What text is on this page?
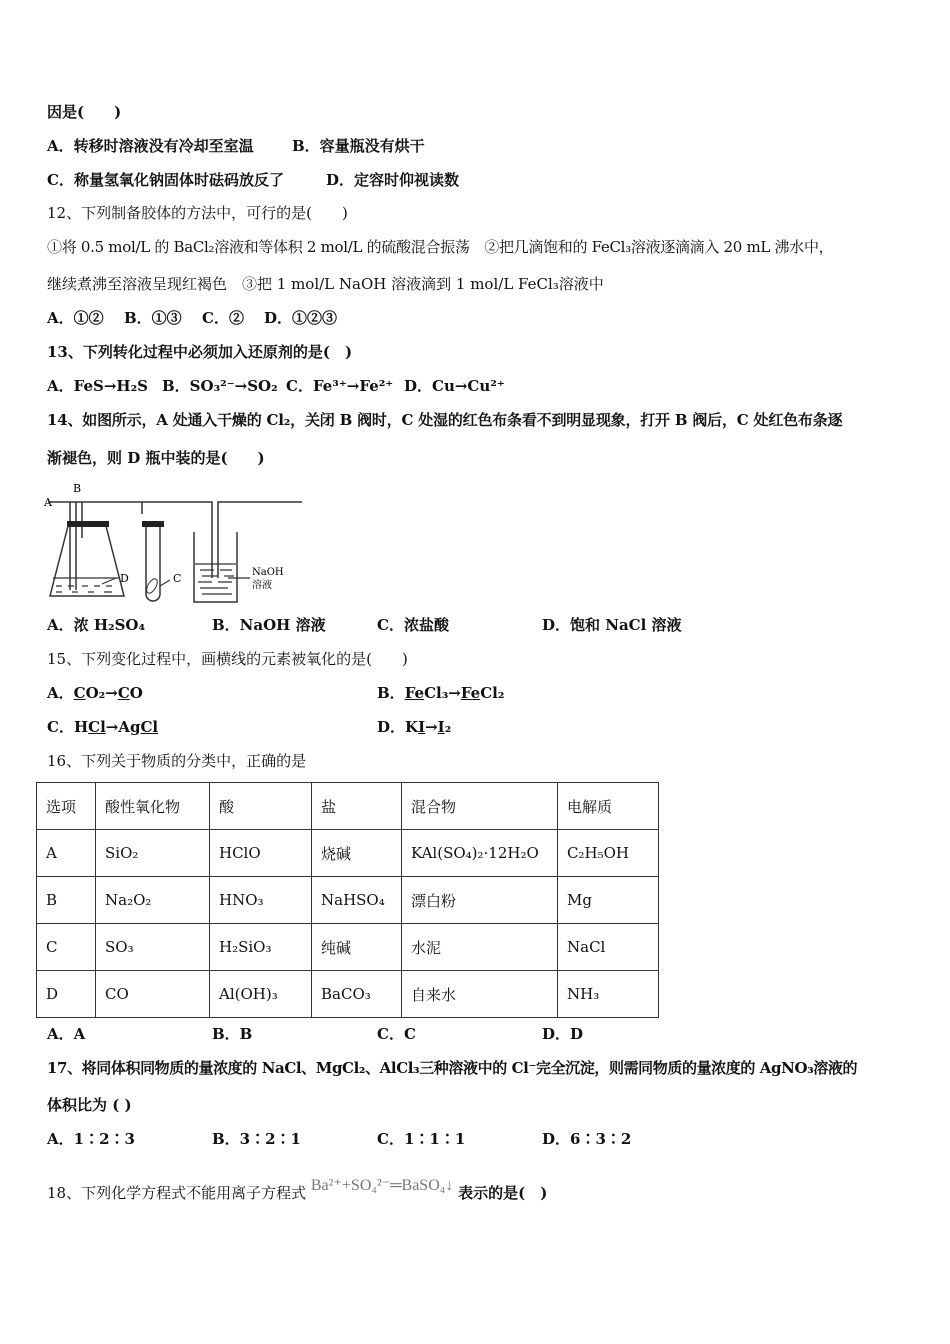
因是(　　)
A．转移时溶液没有冷却至室温	B．容量瓶没有烘干
C．称量氢氧化钠固体时砝码放反了	D．定容时仰视读数
12、下列制备胶体的方法中，可行的是(　　)
①将 0.5 mol/L 的 BaCl₂溶液和等体积 2 mol/L 的硫酸混合振荡　②把几滴饱和的 FeCl₃溶液逐滴滴入 20 mL 沸水中，
继续煮沸至溶液呈现红褐色　③把 1 mol/L NaOH 溶液滴到 1 mol/L FeCl₃溶液中
A．①② B．①③ C．② D．①②③
13、下列转化过程中必须加入还原剂的是(　)
A．FeS→H₂S B．SO₃²⁻→SO₂ C．Fe³⁺→Fe²⁺ D．Cu→Cu²⁺
14、如图所示，A 处通入干燥的 Cl₂，关闭 B 阀时，C 处湿的红色布条看不到明显现象，打开 B 阀后，C 处红色布条逐
渐褪色，则 D 瓶中装的是(　　)
A
B
D	C	NaOH
溶液
A．浓 H₂SO₄	B．NaOH 溶液	C．浓盐酸	D．饱和 NaCl 溶液
15、下列变化过程中，画横线的元素被氧化的是(　　)
A．CO₂→CO	B．FeCl₃→FeCl₂
C．HCl→AgCl	D．KI→I₂
16、下列关于物质的分类中，正确的是
选项	酸性氧化物	酸	盐	混合物	电解质
A	SiO₂	HClO	烧碱	KAl(SO₄)₂·12H₂O	C₂H₅OH
B	Na₂O₂	HNO₃	NaHSO₄	漂白粉	Mg
C	SO₃	H₂SiO₃	纯碱	水泥	NaCl
D	CO	Al(OH)₃	BaCO₃	自来水	NH₃
A．A	B．B	C．C	D．D
17、将同体积同物质的量浓度的 NaCl、MgCl₂、AlCl₃三种溶液中的 Cl⁻完全沉淀，则需同物质的量浓度的 AgNO₃溶液的
体积比为 ( )
A．1∶2∶3	B．3∶2∶1	C．1∶1∶1	D．6∶3∶2
18、下列化学方程式不能用离子方程式 Ba²⁺+SO₄²⁻═BaSO₄↓ 表示的是(　)
